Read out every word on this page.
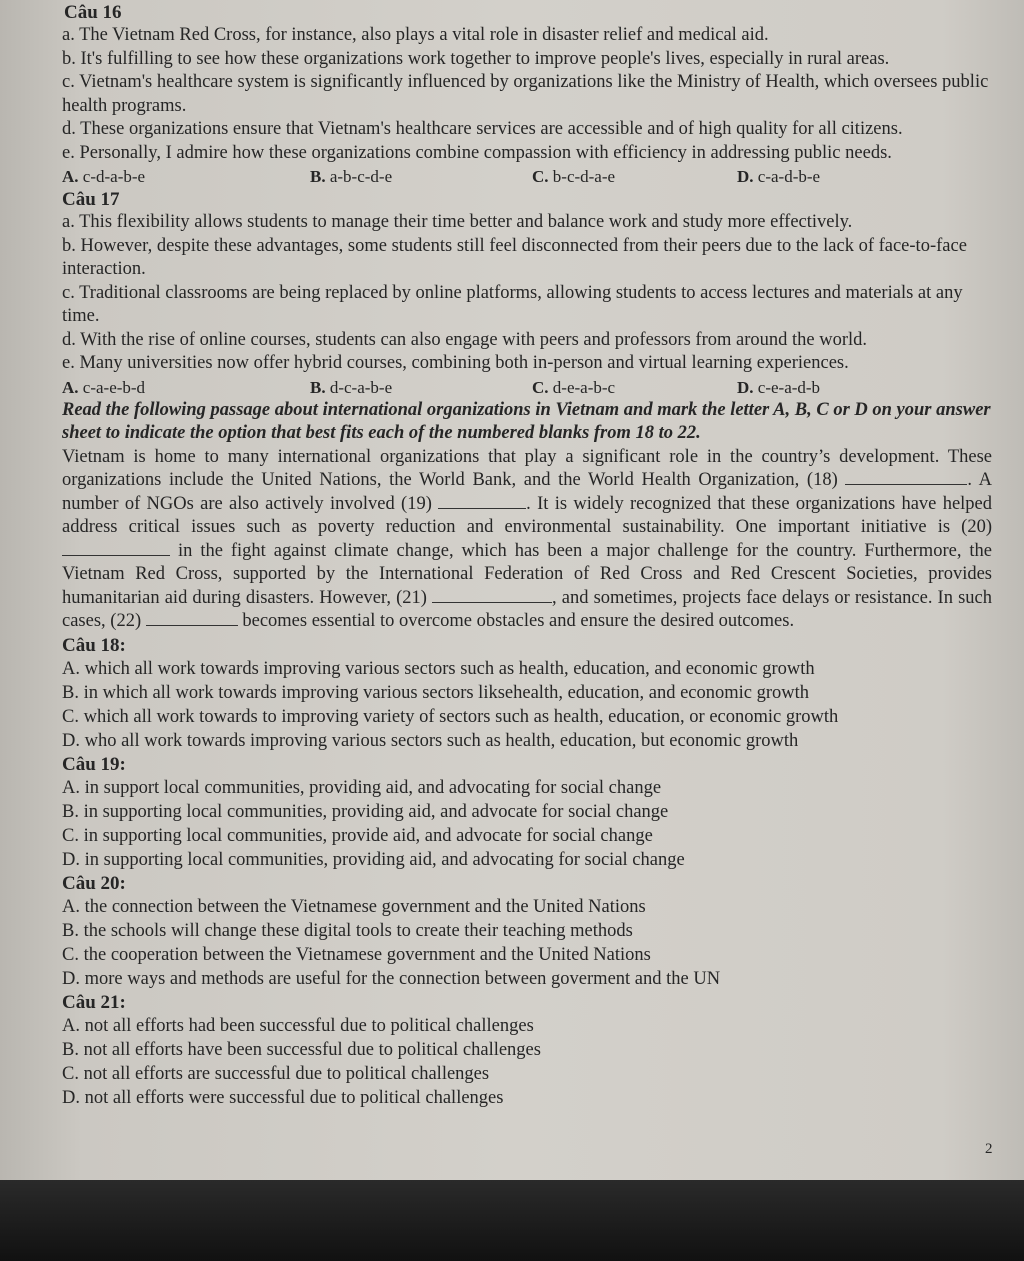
Câu 16

a. The Vietnam Red Cross, for instance, also plays a vital role in disaster relief and medical aid.

b. It's fulfilling to see how these organizations work together to improve people's lives, especially in rural areas.

c. Vietnam's healthcare system is significantly influenced by organizations like the Ministry of Health, which oversees public health programs.

d. These organizations ensure that Vietnam's healthcare services are accessible and of high quality for all citizens.

e. Personally, I admire how these organizations combine compassion with efficiency in addressing public needs.

A. c-d-a-b-e	B. a-b-c-d-e	C. b-c-d-a-e	D. c-a-d-b-e

Câu 17

a. This flexibility allows students to manage their time better and balance work and study more effectively.

b. However, despite these advantages, some students still feel disconnected from their peers due to the lack of face-to-face interaction.

c. Traditional classrooms are being replaced by online platforms, allowing students to access lectures and materials at any time.

d. With the rise of online courses, students can also engage with peers and professors from around the world.

e. Many universities now offer hybrid courses, combining both in-person and virtual learning experiences.

A. c-a-e-b-d	B. d-c-a-b-e	C. d-e-a-b-c	D. c-e-a-d-b

Read the following passage about international organizations in Vietnam and mark the letter A, B, C or D on your answer sheet to indicate the option that best fits each of the numbered blanks from 18 to 22.

Vietnam is home to many international organizations that play a significant role in the country’s development. These organizations include the United Nations, the World Bank, and the World Health Organization, (18)	. A number of NGOs are also actively involved (19)	. It is widely recognized that these organizations have helped address critical issues such as poverty reduction and environmental sustainability. One important initiative is (20)  in the fight against climate change, which has been a major challenge for the country. Furthermore, the Vietnam Red Cross, supported by the International Federation of Red Cross and Red Crescent Societies, provides humanitarian aid during disasters. However, (21)	, and sometimes, projects face delays or resistance. In such cases, (22)	becomes essential to overcome obstacles and ensure the desired outcomes.

Câu 18:

A. which all work towards improving various sectors such as health, education, and economic growth

B. in which all work towards improving various sectors liksehealth, education, and economic growth

C. which all work towards to improving variety of sectors such as health, education, or economic growth

D. who all work towards improving various sectors such as health, education, but economic growth

Câu 19:

A. in support local communities, providing aid, and advocating for social change

B. in supporting local communities, providing aid, and advocate for social change

C. in supporting local communities, provide aid, and advocate for social change

D. in supporting local communities, providing aid, and advocating for social change

Câu 20:

A. the connection between the Vietnamese government and the United Nations

B. the schools will change these digital tools to create their teaching methods

C. the cooperation between the Vietnamese government and the United Nations

D. more ways and methods are useful for the connection between goverment and the UN

Câu 21:

A. not all efforts had been successful due to political challenges

B. not all efforts have been successful due to political challenges

C. not all efforts are successful due to political challenges

D. not all efforts were successful due to political challenges

2
